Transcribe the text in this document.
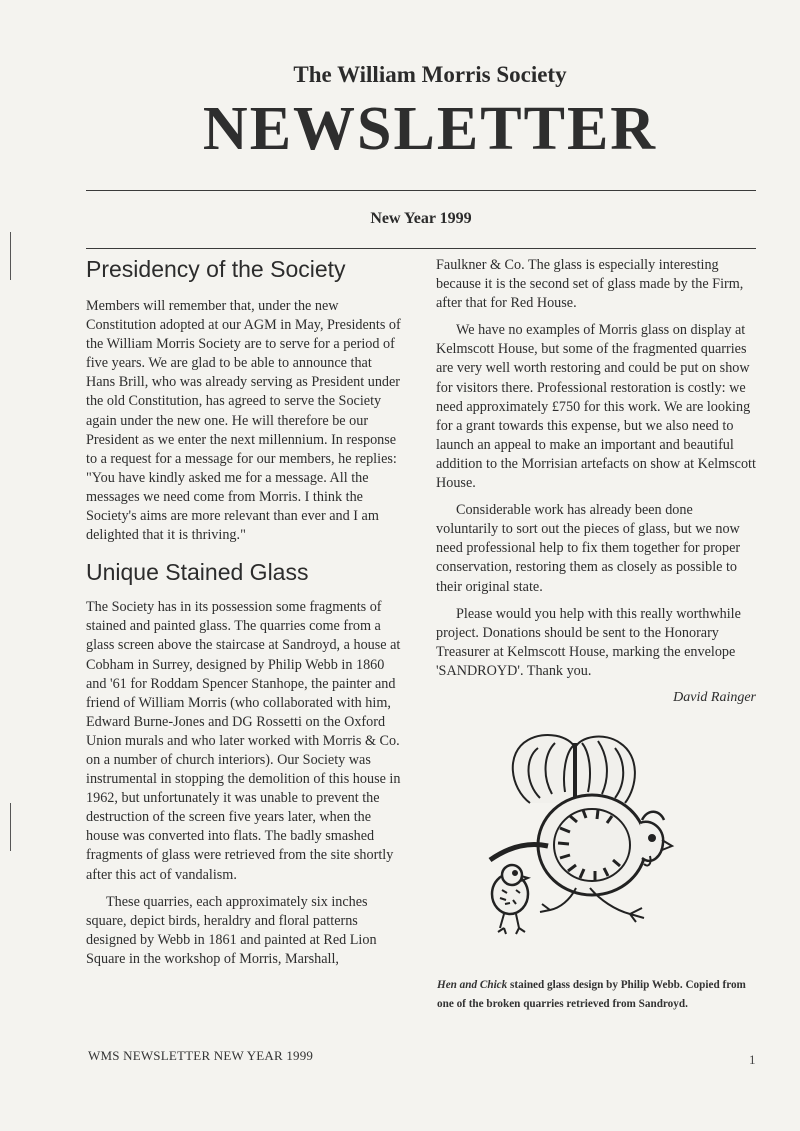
The William Morris Society
NEWSLETTER
New Year 1999
Presidency of the Society

Members will remember that, under the new Constitution adopted at our AGM in May, Presidents of the William Morris Society are to serve for a period of five years. We are glad to be able to announce that Hans Brill, who was already serving as President under the old Constitution, has agreed to serve the Society again under the new one. He will therefore be our President as we enter the next millennium. In response to a request for a message for our members, he replies: "You have kindly asked me for a message. All the messages we need come from Morris. I think the Society's aims are more relevant than ever and I am delighted that it is thriving."

Unique Stained Glass

The Society has in its possession some fragments of stained and painted glass. The quarries come from a glass screen above the staircase at Sandroyd, a house at Cobham in Surrey, designed by Philip Webb in 1860 and '61 for Roddam Spencer Stanhope, the painter and friend of William Morris (who collaborated with him, Edward Burne-Jones and DG Rossetti on the Oxford Union murals and who later worked with Morris & Co. on a number of church interiors). Our Society was instrumental in stopping the demolition of this house in 1962, but unfortunately it was unable to prevent the destruction of the screen five years later, when the house was converted into flats. The badly smashed fragments of glass were retrieved from the site shortly after this act of vandalism.

These quarries, each approximately six inches square, depict birds, heraldry and floral patterns designed by Webb in 1861 and painted at Red Lion Square in the workshop of Morris, Marshall,

Faulkner & Co. The glass is especially interesting because it is the second set of glass made by the Firm, after that for Red House.

We have no examples of Morris glass on display at Kelmscott House, but some of the fragmented quarries are very well worth restoring and could be put on show for visitors there. Professional restoration is costly: we need approximately £750 for this work. We are looking for a grant towards this expense, but we also need to launch an appeal to make an important and beautiful addition to the Morrisian artefacts on show at Kelmscott House.

Considerable work has already been done voluntarily to sort out the pieces of glass, but we now need professional help to fix them together for proper conservation, restoring them as closely as possible to their original state.

Please would you help with this really worthwhile project. Donations should be sent to the Honorary Treasurer at Kelmscott House, marking the envelope 'SANDROYD'. Thank you.

David Rainger
Hen and Chick stained glass design by Philip Webb. Copied from one of the broken quarries retrieved from Sandroyd.
WMS NEWSLETTER NEW YEAR 1999	1
